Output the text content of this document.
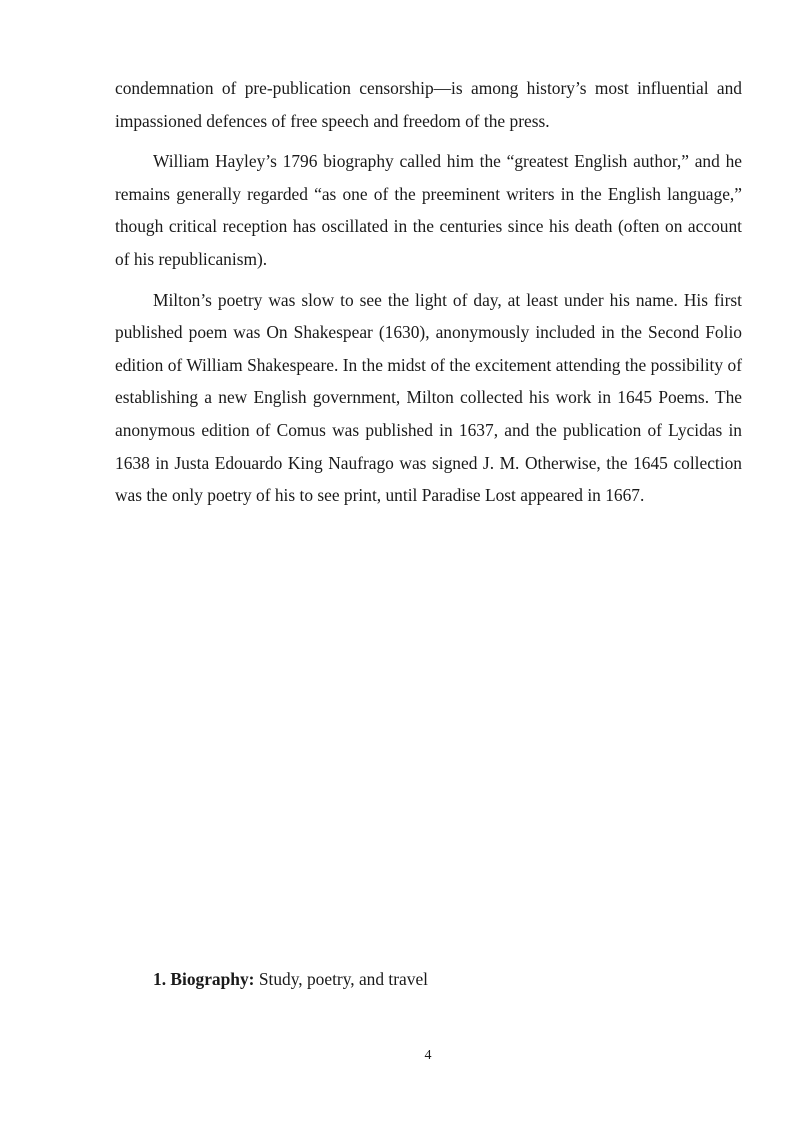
condemnation of pre-publication censorship—is among history’s most influential and impassioned defences of free speech and freedom of the press.

William Hayley’s 1796 biography called him the “greatest English author,” and he remains generally regarded “as one of the preeminent writers in the English language,” though critical reception has oscillated in the centuries since his death (often on account of his republicanism).

Milton’s poetry was slow to see the light of day, at least under his name. His first published poem was On Shakespear (1630), anonymously included in the Second Folio edition of William Shakespeare. In the midst of the excitement attending the possibility of establishing a new English government, Milton collected his work in 1645 Poems. The anonymous edition of Comus was published in 1637, and the publication of Lycidas in 1638 in Justa Edouardo King Naufrago was signed J. M. Otherwise, the 1645 collection was the only poetry of his to see print, until Paradise Lost appeared in 1667.

1. Biography: Study, poetry, and travel
4
